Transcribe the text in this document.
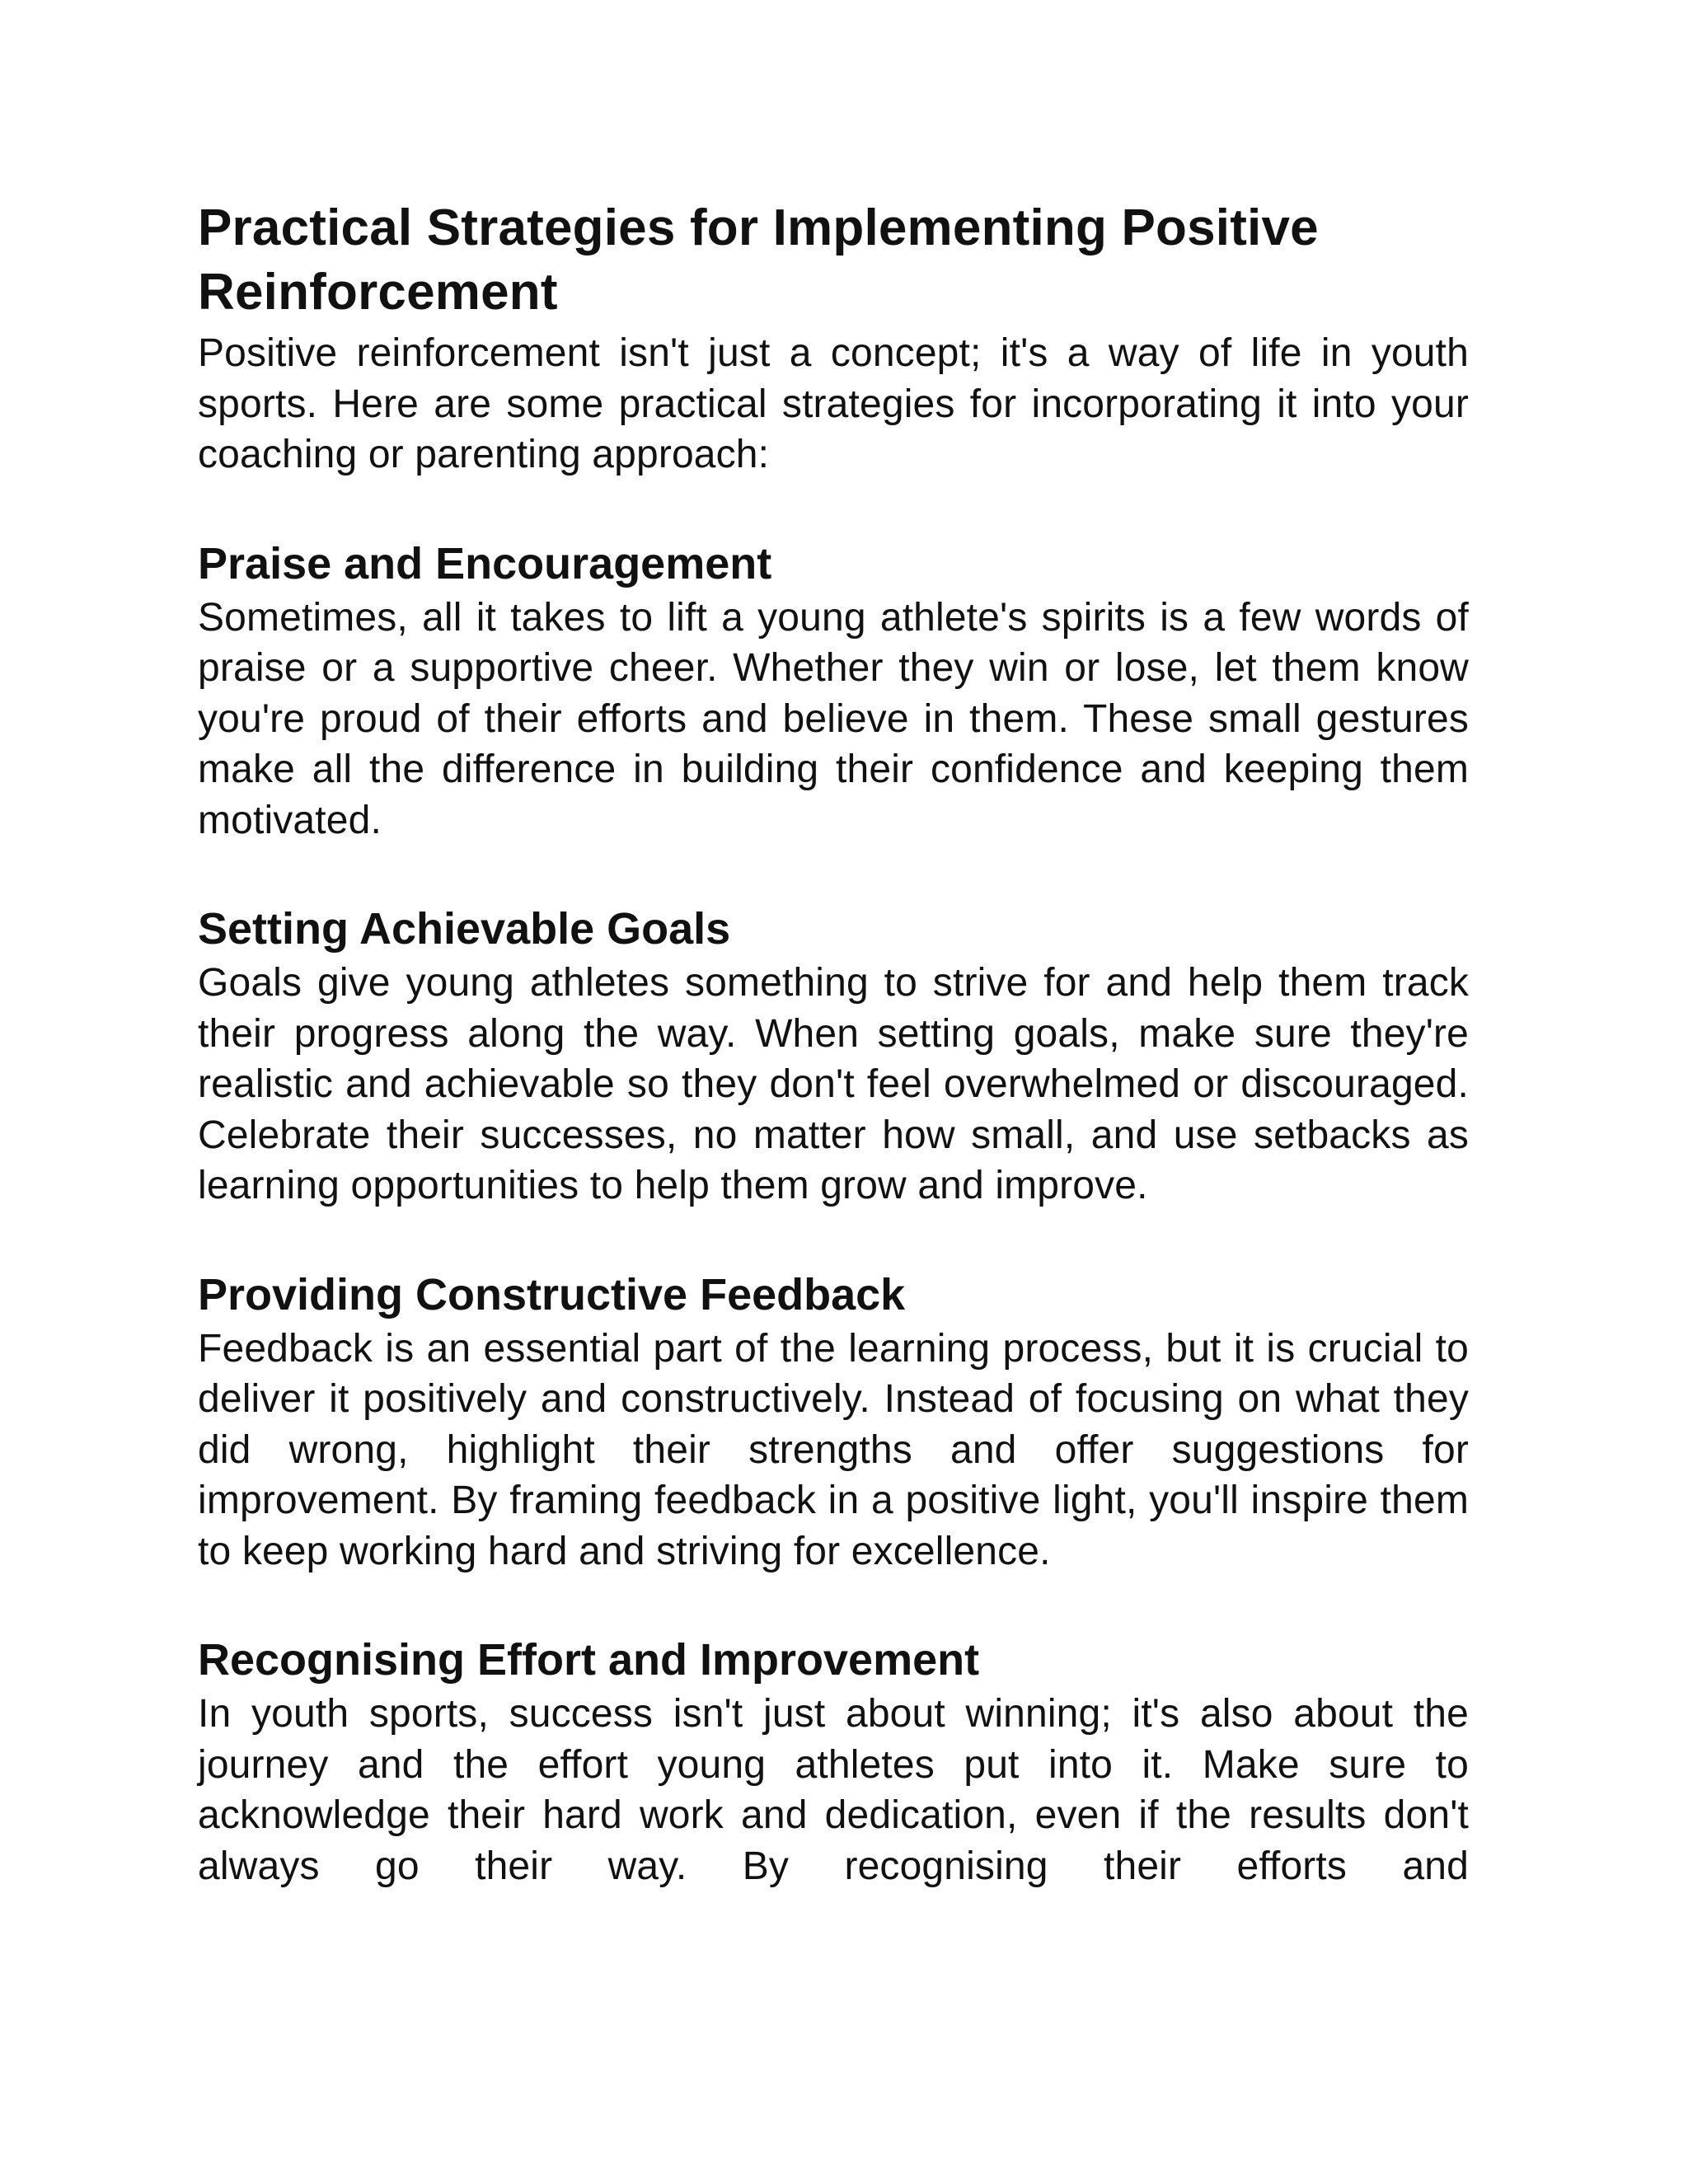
Practical Strategies for Implementing Positive Reinforcement

Positive reinforcement isn't just a concept; it's a way of life in youth sports. Here are some practical strategies for incorporating it into your coaching or parenting approach:

Praise and Encouragement

Sometimes, all it takes to lift a young athlete's spirits is a few words of praise or a supportive cheer. Whether they win or lose, let them know you're proud of their efforts and believe in them. These small gestures make all the difference in building their confidence and keeping them motivated.

Setting Achievable Goals

Goals give young athletes something to strive for and help them track their progress along the way. When setting goals, make sure they're realistic and achievable so they don't feel overwhelmed or discouraged. Celebrate their successes, no matter how small, and use setbacks as learning opportunities to help them grow and improve.

Providing Constructive Feedback

Feedback is an essential part of the learning process, but it is crucial to deliver it positively and constructively. Instead of focusing on what they did wrong, highlight their strengths and offer suggestions for improvement. By framing feedback in a positive light, you'll inspire them to keep working hard and striving for excellence.

Recognising Effort and Improvement

In youth sports, success isn't just about winning; it's also about the journey and the effort young athletes put into it. Make sure to acknowledge their hard work and dedication, even if the results don't always go their way. By recognising their efforts and
